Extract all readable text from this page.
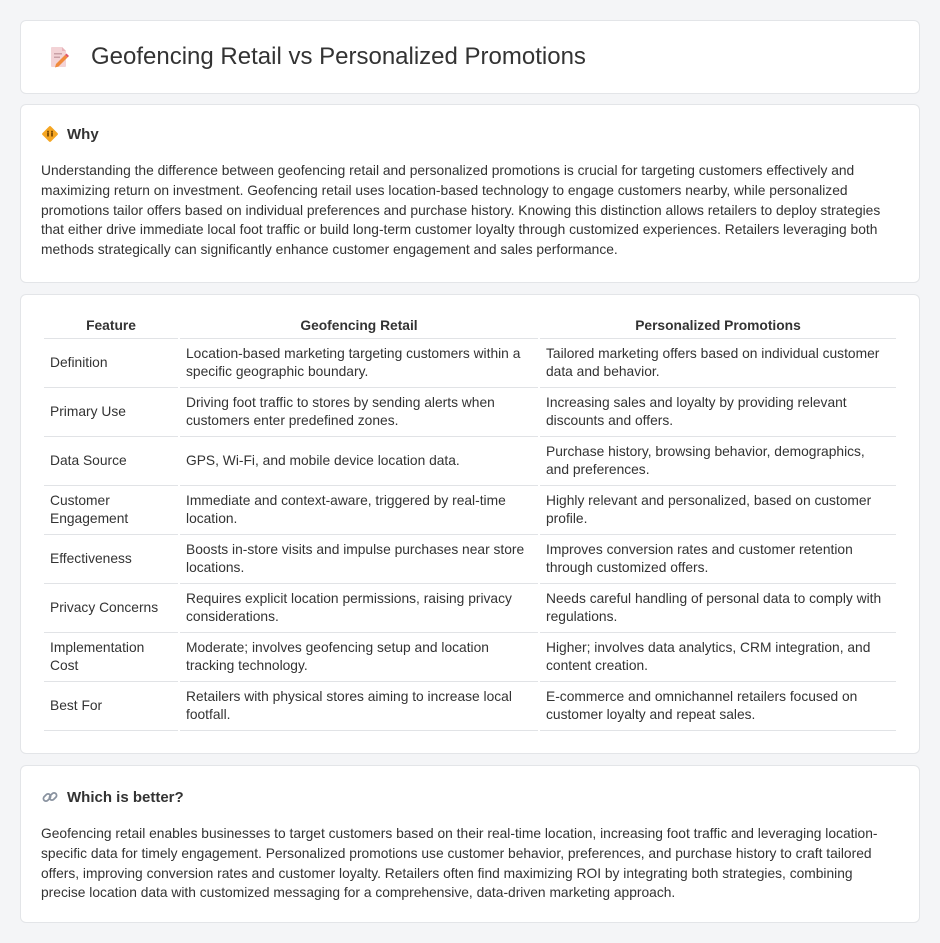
Geofencing Retail vs Personalized Promotions
Why

Understanding the difference between geofencing retail and personalized promotions is crucial for targeting customers effectively and maximizing return on investment. Geofencing retail uses location-based technology to engage customers nearby, while personalized promotions tailor offers based on individual preferences and purchase history. Knowing this distinction allows retailers to deploy strategies that either drive immediate local foot traffic or build long-term customer loyalty through customized experiences. Retailers leveraging both methods strategically can significantly enhance customer engagement and sales performance.

Feature	Geofencing Retail	Personalized Promotions
Definition	Location-based marketing targeting customers within a specific geographic boundary.	Tailored marketing offers based on individual customer data and behavior.
Primary Use	Driving foot traffic to stores by sending alerts when customers enter predefined zones.	Increasing sales and loyalty by providing relevant discounts and offers.
Data Source	GPS, Wi-Fi, and mobile device location data.	Purchase history, browsing behavior, demographics, and preferences.
Customer Engagement	Immediate and context-aware, triggered by real-time location.	Highly relevant and personalized, based on customer profile.
Effectiveness	Boosts in-store visits and impulse purchases near store locations.	Improves conversion rates and customer retention through customized offers.
Privacy Concerns	Requires explicit location permissions, raising privacy considerations.	Needs careful handling of personal data to comply with regulations.
Implementation Cost	Moderate; involves geofencing setup and location tracking technology.	Higher; involves data analytics, CRM integration, and content creation.
Best For	Retailers with physical stores aiming to increase local footfall.	E-commerce and omnichannel retailers focused on customer loyalty and repeat sales.
Which is better?

Geofencing retail enables businesses to target customers based on their real-time location, increasing foot traffic and leveraging location-specific data for timely engagement. Personalized promotions use customer behavior, preferences, and purchase history to craft tailored offers, improving conversion rates and customer loyalty. Retailers often find maximizing ROI by integrating both strategies, combining precise location data with customized messaging for a comprehensive, data-driven marketing approach.
